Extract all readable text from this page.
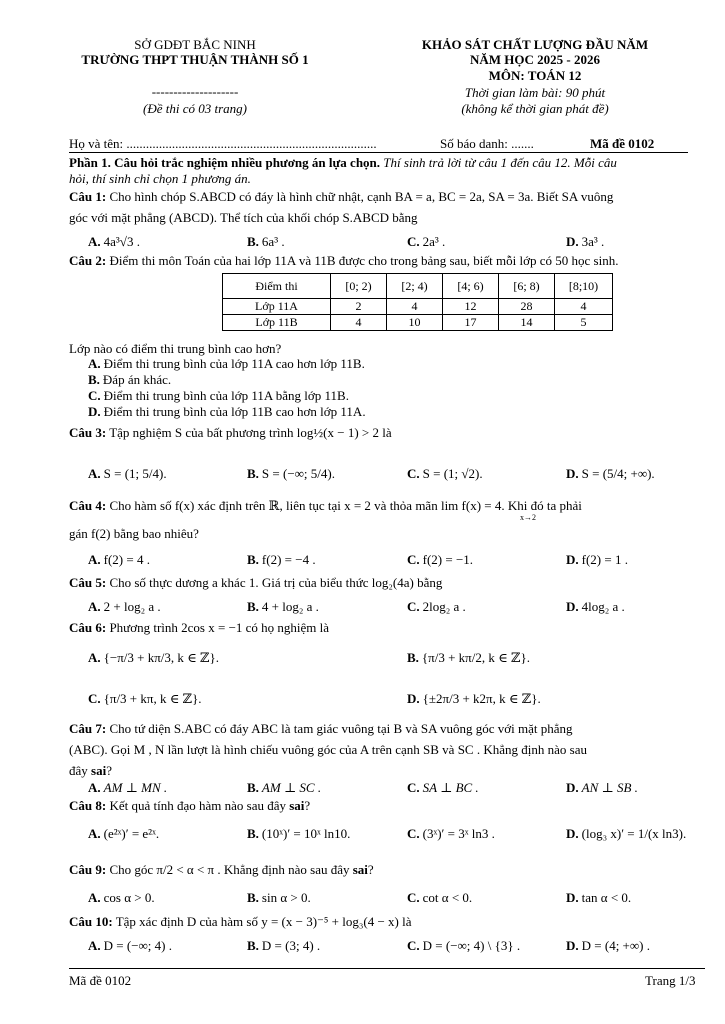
SỞ GDĐT BẮC NINH
TRƯỜNG THPT THUẬN THÀNH SỐ 1
--------------------
(Đề thi có 03 trang)
KHẢO SÁT CHẤT LƯỢNG ĐẦU NĂM
NĂM HỌC 2025 - 2026
MÔN: TOÁN 12
Thời gian làm bài: 90 phút
(không kể thời gian phát đề)
Họ và tên: .............................................................................	Số báo danh: .......	Mã đề 0102
Phần 1. Câu hỏi trắc nghiệm nhiều phương án lựa chọn. Thí sinh trả lời từ câu 1 đến câu 12. Mỗi câu
hỏi, thí sinh chỉ chọn 1 phương án.
Câu 1: Cho hình chóp S.ABCD có đáy là hình chữ nhật, cạnh BA = a, BC = 2a, SA = 3a. Biết SA vuông
góc với mặt phẳng (ABCD). Thể tích của khối chóp S.ABCD bằng
A. 4a³√3 .	B. 6a³ .	C. 2a³ .	D. 3a³ .
Câu 2: Điểm thi môn Toán của hai lớp 11A và 11B được cho trong bảng sau, biết mỗi lớp có 50 học sinh.
Điểm thi	[0; 2)	[2; 4)	[4; 6)	[6; 8)	[8;10)
Lớp 11A	2	4	12	28	4
Lớp 11B	4	10	17	14	5
Lớp nào có điểm thi trung bình cao hơn?
A. Điểm thi trung bình của lớp 11A cao hơn lớp 11B.
B. Đáp án khác.
C. Điểm thi trung bình của lớp 11A bằng lớp 11B.
D. Điểm thi trung bình của lớp 11B cao hơn lớp 11A.
Câu 3: Tập nghiệm S của bất phương trình log½(x − 1) > 2 là
A. S = (1; 5/4).	B. S = (−∞; 5/4).	C. S = (1; √2).	D. S = (5/4; +∞).
Câu 4: Cho hàm số f(x) xác định trên ℝ, liên tục tại x = 2 và thỏa mãn lim f(x) = 4. Khi đó ta phải
x→2
gán f(2) bằng bao nhiêu?
A. f(2) = 4 .	B. f(2) = −4 .	C. f(2) = −1.	D. f(2) = 1 .
Câu 5: Cho số thực dương a khác 1. Giá trị của biểu thức log₂(4a) bằng
A. 2 + log₂ a .	B. 4 + log₂ a .	C. 2log₂ a .	D. 4log₂ a .
Câu 6: Phương trình 2cos x = −1 có họ nghiệm là
A. {−π/3 + kπ/3, k ∈ ℤ}.	B. {π/3 + kπ/2, k ∈ ℤ}.
C. {π/3 + kπ, k ∈ ℤ}.	D. {±2π/3 + k2π, k ∈ ℤ}.
Câu 7: Cho tứ diện S.ABC có đáy ABC là tam giác vuông tại B và SA vuông góc với mặt phẳng
(ABC). Gọi M , N lần lượt là hình chiếu vuông góc của A trên cạnh SB và SC . Khẳng định nào sau
đây sai?
A. AM ⊥ MN .	B. AM ⊥ SC .	C. SA ⊥ BC .	D. AN ⊥ SB .
Câu 8: Kết quả tính đạo hàm nào sau đây sai?
A. (e²ˣ)′ = e²ˣ.	B. (10ˣ)′ = 10ˣ ln10.	C. (3ˣ)′ = 3ˣ ln3 .	D. (log₃ x)′ = 1/(x ln3).
Câu 9: Cho góc π/2 < α < π . Khẳng định nào sau đây sai?
A. cos α > 0.	B. sin α > 0.	C. cot α < 0.	D. tan α < 0.
Câu 10: Tập xác định D của hàm số y = (x − 3)⁻⁵ + log₃(4 − x) là
A. D = (−∞; 4) .	B. D = (3; 4) .	C. D = (−∞; 4) \ {3} .	D. D = (4; +∞) .
Mã đề 0102	Trang 1/3
